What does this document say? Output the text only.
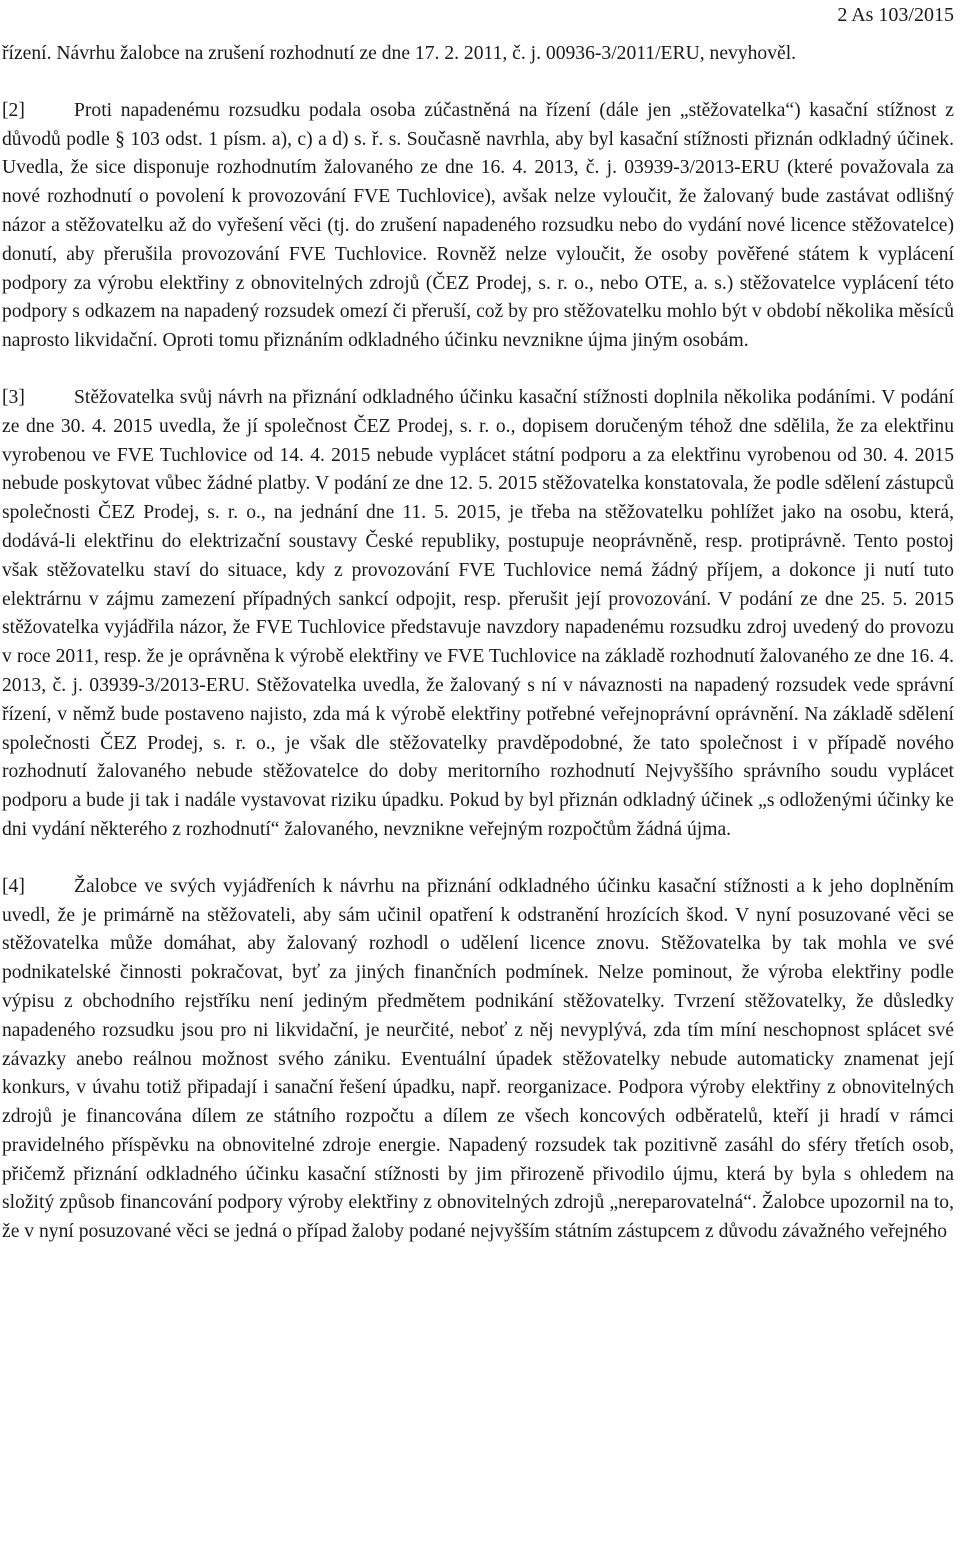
2 As 103/2015

řízení. Návrhu žalobce na zrušení rozhodnutí ze dne 17. 2. 2011, č. j. 00936-3/2011/ERU, nevyhověl.

[2]	Proti napadenému rozsudku podala osoba zúčastněná na řízení (dále jen „stěžovatelka“) kasační stížnost z důvodů podle § 103 odst. 1 písm. a), c) a d) s. ř. s. Současně navrhla, aby byl kasační stížnosti přiznán odkladný účinek. Uvedla, že sice disponuje rozhodnutím žalovaného ze dne 16. 4. 2013, č. j. 03939-3/2013-ERU (které považovala za nové rozhodnutí o povolení k provozování FVE Tuchlovice), avšak nelze vyloučit, že žalovaný bude zastávat odlišný názor a stěžovatelku až do vyřešení věci (tj. do zrušení napadeného rozsudku nebo do vydání nové licence stěžovatelce) donutí, aby přerušila provozování FVE Tuchlovice. Rovněž nelze vyloučit, že osoby pověřené státem k vyplácení podpory za výrobu elektřiny z obnovitelných zdrojů (ČEZ Prodej, s. r. o., nebo OTE, a. s.) stěžovatelce vyplácení této podpory s odkazem na napadený rozsudek omezí či přeruší, což by pro stěžovatelku mohlo být v období několika měsíců naprosto likvidační. Oproti tomu přiznáním odkladného účinku nevznikne újma jiným osobám.

[3]	Stěžovatelka svůj návrh na přiznání odkladného účinku kasační stížnosti doplnila několika podáními. V podání ze dne 30. 4. 2015 uvedla, že jí společnost ČEZ Prodej, s. r. o., dopisem doručeným téhož dne sdělila, že za elektřinu vyrobenou ve FVE Tuchlovice od 14. 4. 2015 nebude vyplácet státní podporu a za elektřinu vyrobenou od 30. 4. 2015 nebude poskytovat vůbec žádné platby. V podání ze dne 12. 5. 2015 stěžovatelka konstatovala, že podle sdělení zástupců společnosti ČEZ Prodej, s. r. o., na jednání dne 11. 5. 2015, je třeba na stěžovatelku pohlížet jako na osobu, která, dodává-li elektřinu do elektrizační soustavy České republiky, postupuje neoprávněně, resp. protiprávně. Tento postoj však stěžovatelku staví do situace, kdy z provozování FVE Tuchlovice nemá žádný příjem, a dokonce ji nutí tuto elektrárnu v zájmu zamezení případných sankcí odpojit, resp. přerušit její provozování. V podání ze dne 25. 5. 2015 stěžovatelka vyjádřila názor, že FVE Tuchlovice představuje navzdory napadenému rozsudku zdroj uvedený do provozu v roce 2011, resp. že je oprávněna k výrobě elektřiny ve FVE Tuchlovice na základě rozhodnutí žalovaného ze dne 16. 4. 2013, č. j. 03939-3/2013-ERU. Stěžovatelka uvedla, že žalovaný s ní v návaznosti na napadený rozsudek vede správní řízení, v němž bude postaveno najisto, zda má k výrobě elektřiny potřebné veřejnoprávní oprávnění. Na základě sdělení společnosti ČEZ Prodej, s. r. o., je však dle stěžovatelky pravděpodobné, že tato společnost i v případě nového rozhodnutí žalovaného nebude stěžovatelce do doby meritorního rozhodnutí Nejvyššího správního soudu vyplácet podporu a bude ji tak i nadále vystavovat riziku úpadku. Pokud by byl přiznán odkladný účinek „s odloženými účinky ke dni vydání některého z rozhodnutí“ žalovaného, nevznikne veřejným rozpočtům žádná újma.

[4]	Žalobce ve svých vyjádřeních k návrhu na přiznání odkladného účinku kasační stížnosti a k jeho doplněním uvedl, že je primárně na stěžovateli, aby sám učinil opatření k odstranění hrozících škod. V nyní posuzované věci se stěžovatelka může domáhat, aby žalovaný rozhodl o udělení licence znovu. Stěžovatelka by tak mohla ve své podnikatelské činnosti pokračovat, byť za jiných finančních podmínek. Nelze pominout, že výroba elektřiny podle výpisu z obchodního rejstříku není jediným předmětem podnikání stěžovatelky. Tvrzení stěžovatelky, že důsledky napadeného rozsudku jsou pro ni likvidační, je neurčité, neboť z něj nevyplývá, zda tím míní neschopnost splácet své závazky anebo reálnou možnost svého zániku. Eventuální úpadek stěžovatelky nebude automaticky znamenat její konkurs, v úvahu totiž připadají i sanační řešení úpadku, např. reorganizace. Podpora výroby elektřiny z obnovitelných zdrojů je financována dílem ze státního rozpočtu a dílem ze všech koncových odběratelů, kteří ji hradí v rámci pravidelného příspěvku na obnovitelné zdroje energie. Napadený rozsudek tak pozitivně zasáhl do sféry třetích osob, přičemž přiznání odkladného účinku kasační stížnosti by jim přirozeně přivodilo újmu, která by byla s ohledem na složitý způsob financování podpory výroby elektřiny z obnovitelných zdrojů „nereparovatelná“. Žalobce upozornil na to, že v nyní posuzované věci se jedná o případ žaloby podané nejvyšším státním zástupcem z důvodu závažného veřejného
